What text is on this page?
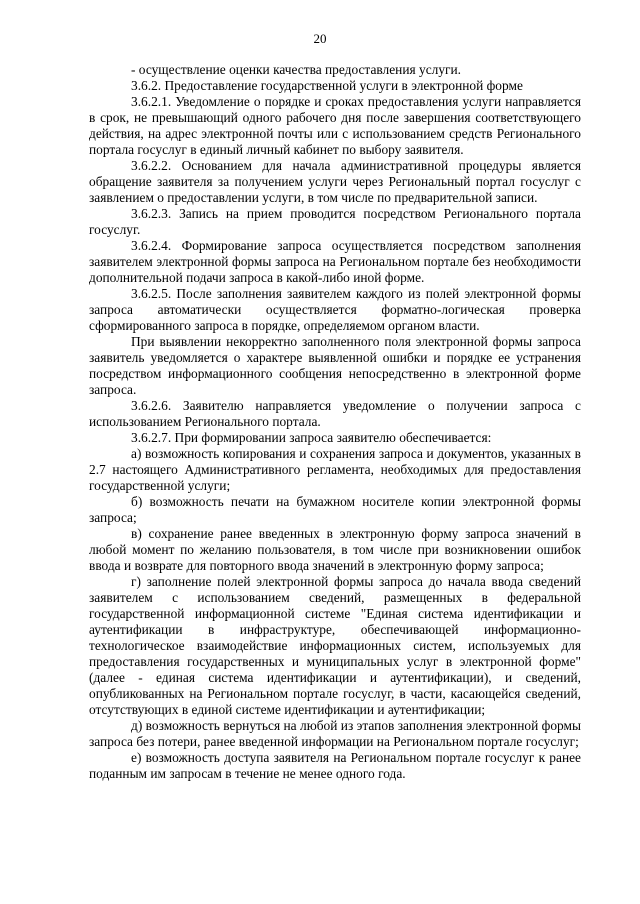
20

- осуществление оценки качества предоставления услуги.

3.6.2. Предоставление государственной услуги в электронной форме

3.6.2.1. Уведомление о порядке и сроках предоставления услуги направляется в срок, не превышающий одного рабочего дня после завершения соответствующего действия, на адрес электронной почты или с использованием средств Регионального портала госуслуг в единый личный кабинет по выбору заявителя.

3.6.2.2. Основанием для начала административной процедуры является обращение заявителя за получением услуги через Региональный портал госуслуг с заявлением о предоставлении услуги, в том числе по предварительной записи.

3.6.2.3. Запись на прием проводится посредством Регионального портала госуслуг.

3.6.2.4. Формирование запроса осуществляется посредством заполнения заявителем электронной формы запроса на Региональном портале без необходимости дополнительной подачи запроса в какой-либо иной форме.

3.6.2.5. После заполнения заявителем каждого из полей электронной формы запроса автоматически осуществляется форматно-логическая проверка сформированного запроса в порядке, определяемом органом власти.

При выявлении некорректно заполненного поля электронной формы запроса заявитель уведомляется о характере выявленной ошибки и порядке ее устранения посредством информационного сообщения непосредственно в электронной форме запроса.

3.6.2.6. Заявителю направляется уведомление о получении запроса с использованием Регионального портала.

3.6.2.7. При формировании запроса заявителю обеспечивается:

а) возможность копирования и сохранения запроса и документов, указанных в 2.7 настоящего Административного регламента, необходимых для предоставления государственной услуги;

б) возможность печати на бумажном носителе копии электронной формы запроса;

в) сохранение ранее введенных в электронную форму запроса значений в любой момент по желанию пользователя, в том числе при возникновении ошибок ввода и возврате для повторного ввода значений в электронную форму запроса;

г) заполнение полей электронной формы запроса до начала ввода сведений заявителем с использованием сведений, размещенных в федеральной государственной информационной системе "Единая система идентификации и аутентификации в инфраструктуре, обеспечивающей информационно-технологическое взаимодействие информационных систем, используемых для предоставления государственных и муниципальных услуг в электронной форме" (далее - единая система идентификации и аутентификации), и сведений, опубликованных на Региональном портале госуслуг, в части, касающейся сведений, отсутствующих в единой системе идентификации и аутентификации;

д) возможность вернуться на любой из этапов заполнения электронной формы запроса без потери, ранее введенной информации на Региональном портале госуслуг;

е) возможность доступа заявителя на Региональном портале госуслуг к ранее поданным им запросам в течение не менее одного года.
